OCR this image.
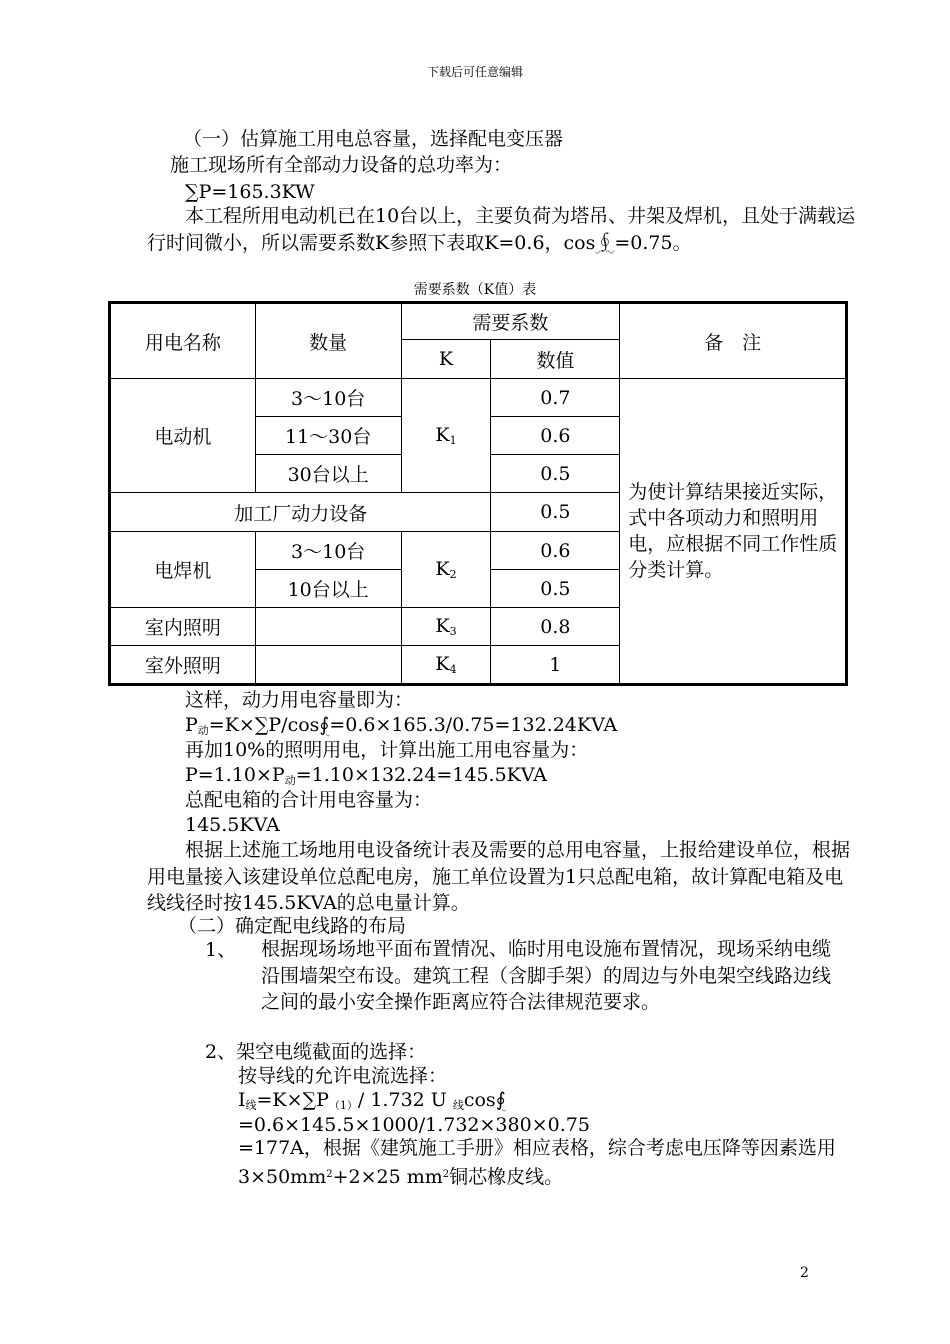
下载后可任意编辑
（一）估算施工用电总容量，选择配电变压器
施工现场所有全部动力设备的总功率为：
∑P=165.3KW
本工程所用电动机已在10台以上，主要负荷为塔吊、井架及焊机，且处于满载运行时间微小，所以需要系数K参照下表取K=0.6，cos∮=0.75。
需要系数（K值）表
用电名称	数量	需要系数		备　注
		K	数值	
电动机	3～10台	$K_1$	0.7	为使计算结果接近实际，式中各项动力和照明用电，应根据不同工作性质分类计算。
	11～30台		0.6	
	30台以上		0.5	
加工厂动力设备			0.5	
电焊机	3～10台	$K_2$	0.6	
	10台以上		0.5	
室内照明		$K_3$	0.8	
室外照明		$K_4$	1	
这样，动力用电容量即为：
$P_动=K\times\sum P/\cos∮=0.6\times 165.3/0.75=132.24KVA$
再加10%的照明用电，计算出施工用电容量为：
$P=1.10\times P_动=1.10\times 132.24=145.5KVA$
总配电箱的合计用电容量为：
145.5KVA
根据上述施工场地用电设备统计表及需要的总用电容量，上报给建设单位，根据用电量接入该建设单位总配电房，施工单位设置为1只总配电箱，故计算配电箱及电线线径时按145.5KVA的总电量计算。
（二）确定配电线路的布局
1、 根据现场场地平面布置情况、临时用电设施布置情况，现场采纳电缆沿围墙架空布设。建筑工程（含脚手架）的周边与外电架空线路边线之间的最小安全操作距离应符合法律规范要求。
2、架空电缆截面的选择：
按导线的允许电流选择：
$I_线=K\times\sum P_{(1)}/$ 1.732 U $_线$cos∮
=0.6×145.5×1000/1.732×380×0.75
=177A，根据《建筑施工手册》相应表格，综合考虑电压降等因素选用$3\times 50mm^2+2\times 25$ $mm^2$铜芯橡皮线。
2
